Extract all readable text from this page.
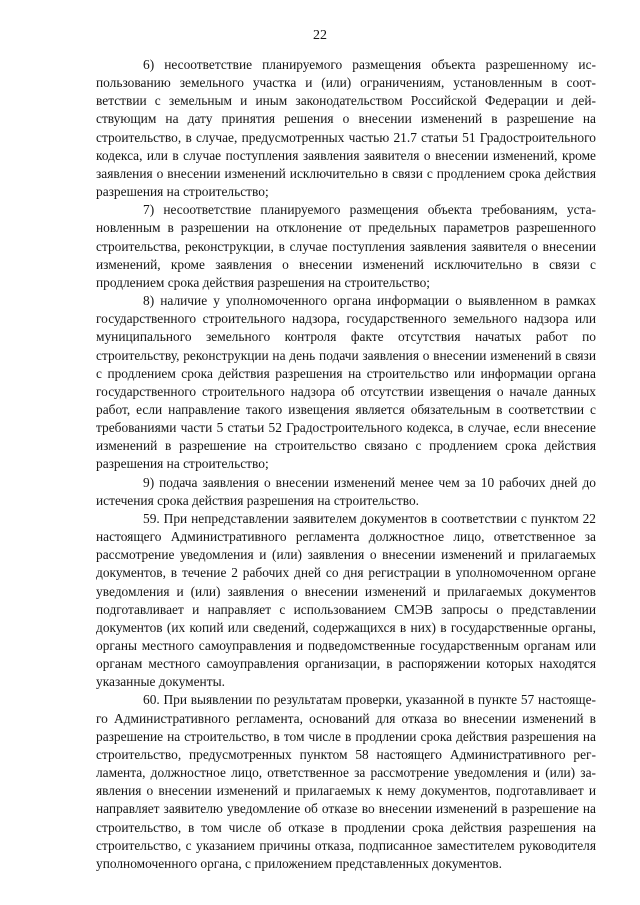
22

6) несоответствие планируемого размещения объекта разрешенному использованию земельного участка и (или) ограничениям, установленным в соответствии с земельным и иным законодательством Российской Федерации и действующим на дату принятия решения о внесении изменений в разрешение на строительство, в случае, предусмотренных частью 21.7 статьи 51 Градостроительного кодекса, или в случае поступления заявления заявителя о внесении изменений, кроме заявления о внесении изменений исключительно в связи с продлением срока действия разрешения на строительство;

7) несоответствие планируемого размещения объекта требованиям, установленным в разрешении на отклонение от предельных параметров разрешенного строительства, реконструкции, в случае поступления заявления заявителя о внесении изменений, кроме заявления о внесении изменений исключительно в связи с продлением срока действия разрешения на строительство;

8) наличие у уполномоченного органа информации о выявленном в рамках государственного строительного надзора, государственного земельного надзора или муниципального земельного контроля факте отсутствия начатых работ по строительству, реконструкции на день подачи заявления о внесении изменений в связи с продлением срока действия разрешения на строительство или информации органа государственного строительного надзора об отсутствии извещения о начале данных работ, если направление такого извещения является обязательным в соответствии с требованиями части 5 статьи 52 Градостроительного кодекса, в случае, если внесение изменений в разрешение на строительство связано с продлением срока действия разрешения на строительство;

9) подача заявления о внесении изменений менее чем за 10 рабочих дней до истечения срока действия разрешения на строительство.

59. При непредставлении заявителем документов в соответствии с пунктом 22 настоящего Административного регламента должностное лицо, ответственное за рассмотрение уведомления и (или) заявления о внесении изменений и прилагаемых документов, в течение 2 рабочих дней со дня регистрации в уполномоченном органе уведомления и (или) заявления о внесении изменений и прилагаемых документов подготавливает и направляет с использованием СМЭВ запросы о представлении документов (их копий или сведений, содержащихся в них) в государственные органы, органы местного самоуправления и подведомственные государственным органам или органам местного самоуправления организации, в распоряжении которых находятся указанные документы.

60. При выявлении по результатам проверки, указанной в пункте 57 настоящего Административного регламента, оснований для отказа во внесении изменений в разрешение на строительство, в том числе в продлении срока действия разрешения на строительство, предусмотренных пунктом 58 настоящего Административного регламента, должностное лицо, ответственное за рассмотрение уведомления и (или) заявления о внесении изменений и прилагаемых к нему документов, подготавливает и направляет заявителю уведомление об отказе во внесении изменений в разрешение на строительство, в том числе об отказе в продлении срока действия разрешения на строительство, с указанием причины отказа, подписанное заместителем руководителя уполномоченного органа, с приложением представленных документов.
